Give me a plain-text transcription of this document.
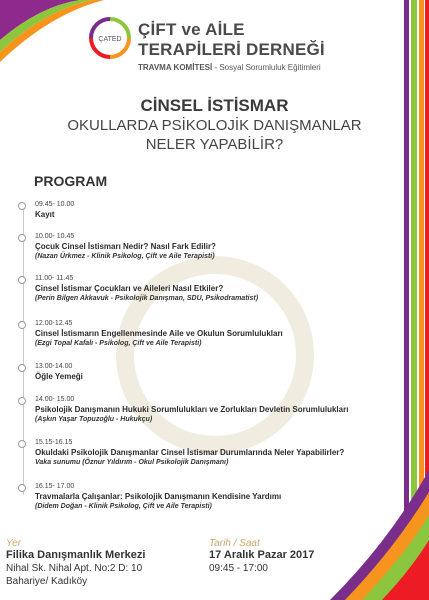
ÇATED
ÇİFT ve AİLE
TERAPİLERİ DERNEĞİ
TRAVMA KOMİTESİ - Sosyal Sorumluluk Eğitimleri
CİNSEL İSTİSMAR
OKULLARDA PSİKOLOJİK DANIŞMANLAR
NELER YAPABİLİR?
PROGRAM
09.45- 10.00
Kayıt
10.00- 10.45
Çocuk Cinsel İstismarı Nedir? Nasıl Fark Edilir?
(Nazan Ürkmez - Klinik Psikolog, Çift ve Aile Terapisti)
11.00- 11.45
Cinsel İstismar Çocukları ve Aileleri Nasıl Etkiler?
(Perin Bilgen Akkavuk - Psikolojik Danışman, SDU, Psikodramatist)
12.00-12.45
Cinsel İstismarın Engellenmesinde Aile ve Okulun Sorumlulukları
(Ezgi Topal Kafalı - Psikolog, Çift ve Aile Terapisti)
13.00-14.00
Öğle Yemeği
14.00- 15.00
Psikolojik Danışmanın Hukuki Sorumlulukları ve Zorlukları Devletin Sorumlulukları
(Aşkın Yaşar Topuzoğlu - Hukukçu)
15.15-16.15
Okuldaki Psikolojik Danışmanlar Cinsel İstismar Durumlarında Neler Yapabilirler?
Vaka sunumu (Öznur Yıldırım - Okul Psikolojik Danışmanı)
16.15- 17.00
Travmalarla Çalışanlar: Psikolojik Danışmanın Kendisine Yardımı
(Didem Doğan - Klinik Psikolog, Çift ve Aile Terapisti)
Yer
Filika Danışmanlık Merkezi
Nihal Sk. Nihal Apt. No:2 D: 10
Bahariye/ Kadıköy
Tarih / Saat
17 Aralık Pazar 2017
09:45 - 17:00
